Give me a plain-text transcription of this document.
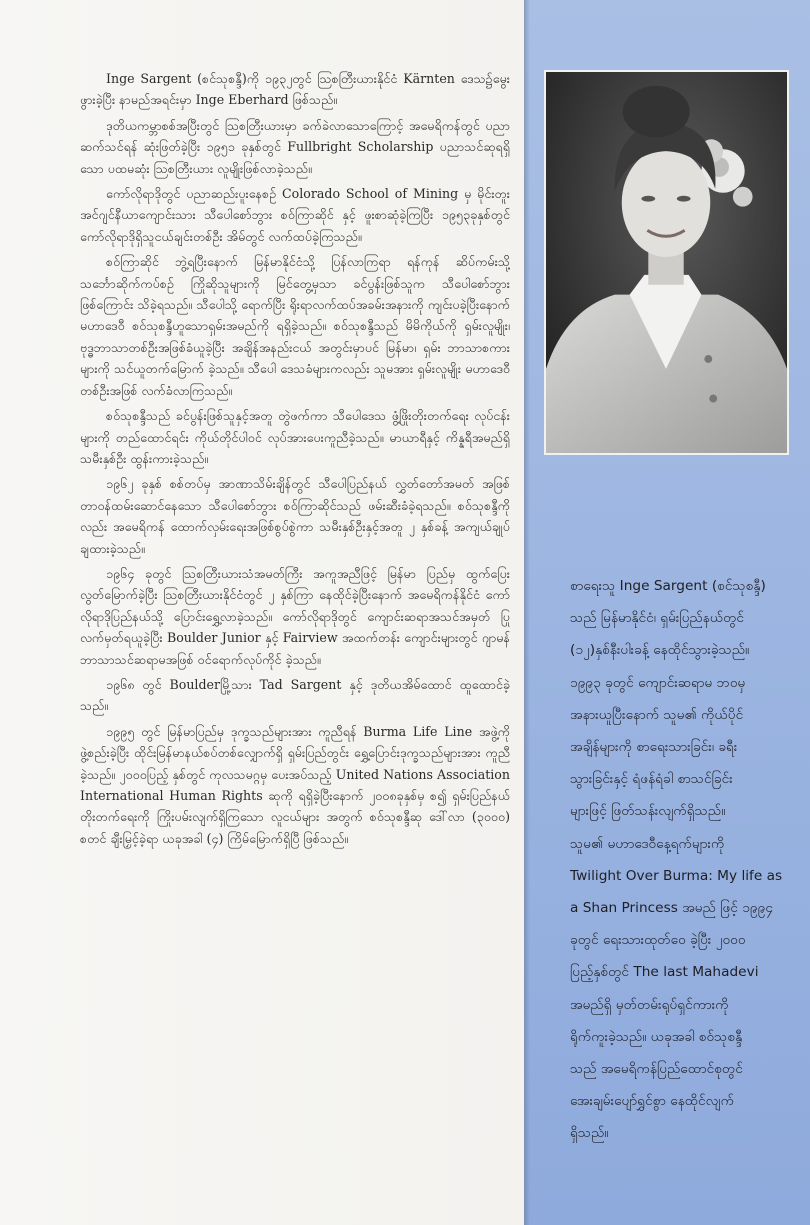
Inge Sargent (စင်သုစန္ဒီ)ကို ၁၉၃၂တွင် ဩစတြီးယားနိုင်ငံ Kärnten ဒေသ၌မွေးဖွားခဲ့ပြီး နာမည်အရင်းမှာ Inge Eberhard ဖြစ်သည်။

ဒုတိယကမ္ဘာစစ်အပြီးတွင် ဩစတြီးယားမှာ ခက်ခဲလာသောကြောင့် အမေရိကန်တွင် ပညာဆက်သင်ရန် ဆုံးဖြတ်ခဲ့ပြီး ၁၉၅၁ ခုနှစ်တွင် Fullbright Scholarship ပညာသင်ဆုရရှိသော ပထမဆုံး ဩစတြီးယား လူမျိုးဖြစ်လာခဲ့သည်။

ကော်လိုရာဒိုတွင် ပညာဆည်းပူးနေစဉ် Colorado School of Mining မှ မိုင်းတူးအင်ဂျင်နီယာကျောင်းသား သီပေါစော်ဘွား စဝ်ကြာဆိုင် နှင့် ဖူးစာဆုံခဲ့ကြပြီး ၁၉၅၃ခုနှစ်တွင် ကော်လိုရာဒိုရှိသူငယ်ချင်းတစ်ဦး အိမ်တွင် လက်ထပ်ခဲ့ကြသည်။

စဝ်ကြာဆိုင် ဘွဲ့ရပြီးနောက် မြန်မာနိုင်ငံသို့ ပြန်လာကြရာ ရန်ကုန် ဆိပ်ကမ်းသို့ သင်္ဘောဆိုက်ကပ်စဉ် ကြိုဆိုသူများကို မြင်တွေ့မှသာ ခင်ပွန်းဖြစ်သူက သီပေါစော်ဘွားဖြစ်ကြောင်း သိခဲ့ရသည်။ သီပေါသို့ ရောက်ပြီး ရိုးရာလက်ထပ်အခမ်းအနားကို ကျင်းပခဲ့ပြီးနောက် မဟာဒေဝီ စဝ်သုစန္ဒီဟူသောရှမ်းအမည်ကို ရရှိခဲ့သည်။ စဝ်သုစန္ဒီသည် မိမိကိုယ်ကို ရှမ်းလူမျိုး၊ ဗုဒ္ဓဘာသာတစ်ဦးအဖြစ်ခံယူခဲ့ပြီး အချိန်အနည်းငယ် အတွင်းမှာပင် မြန်မာ၊ ရှမ်း ဘာသာစကားများကို သင်ယူတက်မြောက် ခဲ့သည်။ သီပေါ ဒေသခံများကလည်း သူမအား ရှမ်းလူမျိုး မဟာဒေဝီ တစ်ဦးအဖြစ် လက်ခံလာကြသည်။

စဝ်သုစန္ဒီသည် ခင်ပွန်းဖြစ်သူနှင့်အတူ တွဲဖက်ကာ သီပေါဒေသ ဖွံ့ဖြိုးတိုးတက်ရေး လုပ်ငန်းများကို တည်ထောင်ရင်း ကိုယ်တိုင်ပါဝင် လုပ်အားပေးကူညီခဲ့သည်။ မာယာရီနှင့် ကိန္နရီအမည်ရှိ သမီးနှစ်ဦး ထွန်းကားခဲ့သည်။

၁၉၆၂ ခုနှစ် စစ်တပ်မှ အာဏာသိမ်းချိန်တွင် သီပေါပြည်နယ် လွှတ်တော်အမတ် အဖြစ် တာဝန်ထမ်းဆောင်နေသော သီပေါစော်ဘွား စဝ်ကြာဆိုင်သည် ဖမ်းဆီးခံခဲ့ရသည်။ စဝ်သုစန္ဒီကိုလည်း အမေရိကန် ထောက်လှမ်းရေးအဖြစ်စွပ်စွဲကာ သမီးနှစ်ဦးနှင့်အတူ ၂ နှစ်ခန့် အကျယ်ချုပ် ချထားခဲ့သည်။

၁၉၆၄ ခုတွင် ဩစတြီးယားသံအမတ်ကြီး အကူအညီဖြင့် မြန်မာ ပြည်မှ ထွက်ပြေးလွတ်မြောက်ခဲ့ပြီး ဩစတြီးယားနိုင်ငံတွင် ၂ နှစ်ကြာ နေထိုင်ခဲ့ပြီးနောက် အမေရိကန်နိုင်ငံ ကော်လိုရာဒိုပြည်နယ်သို့ ပြောင်းရွှေ့လာခဲ့သည်။ ကော်လိုရာဒိုတွင် ကျောင်းဆရာအသင်အမှတ် ပြုလက်မှတ်ရယူခဲ့ပြီး Boulder Junior နှင့် Fairview အထက်တန်း ကျောင်းများတွင် ဂျာမန်ဘာသာသင်ဆရာမအဖြစ် ဝင်ရောက်လုပ်ကိုင် ခဲ့သည်။

၁၉၆၈ တွင် Boulderမြို့သား Tad Sargent နှင့် ဒုတိယအိမ်ထောင် ထူထောင်ခဲ့သည်။

၁၉၉၅ တွင် မြန်မာပြည်မှ ဒုက္ခသည်များအား ကူညီရန် Burma Life Line အဖွဲ့ကို ဖွဲ့စည်းခဲ့ပြီး ထိုင်းမြန်မာနယ်စပ်တစ်လျှောက်ရှိ ရှမ်းပြည်တွင်း ရွှေ့ပြောင်းဒုက္ခသည်များအား ကူညီခဲ့သည်။ ၂၀၀၀ပြည့် နှစ်တွင် ကုလသမဂ္ဂမှ ပေးအပ်သည့် United Nations Association International Human Rights ဆုကို ရရှိခဲ့ပြီးနောက် ၂၀၀၈ခုနှစ်မှ စ၍ ရှမ်းပြည်နယ်တိုးတက်ရေးကို ကြိုးပမ်းလျက်ရှိကြသော လူငယ်များ အတွက် စဝ်သုစန္ဒီဆု ဒေါ်လာ (၃၀၀၀) စတင် ချီးမြှင့်ခဲ့ရာ ယခုအခါ (၄) ကြိမ်မြောက်ရှိပြီ ဖြစ်သည်။

စာရေးသူ Inge Sargent (စင်သုစန္ဒီ)

သည် မြန်မာနိုင်ငံ၊ ရှမ်းပြည်နယ်တွင်

(၁၂)နှစ်နီးပါးခန့် နေထိုင်သွားခဲ့သည်။

၁၉၉၃ ခုတွင် ကျောင်းဆရာမ ဘဝမှ

အနားယူပြီးနောက် သူမ၏ ကိုယ်ပိုင်

အချိန်များကို စာရေးသားခြင်း၊ ခရီး

သွားခြင်းနှင့် ရံဖန်ရံခါ စာသင်ခြင်း

များဖြင့် ဖြတ်သန်းလျက်ရှိသည်။

သူမ၏ မဟာဒေဝီနေ့ရက်များကို

Twilight Over Burma: My life as

a Shan Princess အမည် ဖြင့် ၁၉၉၄

ခုတွင် ရေးသားထုတ်ဝေ ခဲ့ပြီး ၂၀၀၀

ပြည့်နှစ်တွင် The last Mahadevi

အမည်ရှိ မှတ်တမ်းရုပ်ရှင်ကားကို

ရိုက်ကူးခဲ့သည်။ ယခုအခါ စဝ်သုစန္ဒီ

သည် အမေရိကန်ပြည်ထောင်စုတွင်

အေးချမ်းပျော်ရွှင်စွာ နေထိုင်လျက်

ရှိသည်။
